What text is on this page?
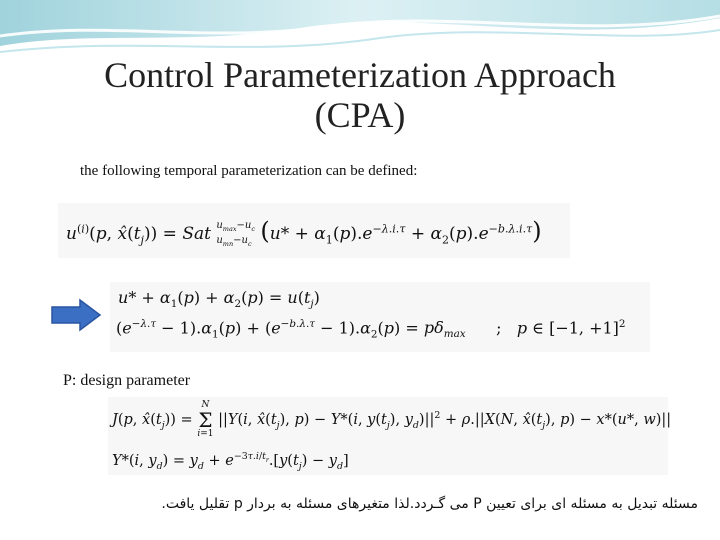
Control Parameterization Approach
(CPA)
the following temporal parameterization can be defined:
$u^{(i)}(p$, $x̂(t_j)$) = Sat $u_{max}-u_c$
$u_{mn}-u_c$ $(u* + \alpha_1(p).e^{-\lambda.i.\tau} + \alpha_2(p).e^{-b.\lambda.i.\tau})$
$u* + \alpha_1(p) + \alpha_2(p) = u(t_j)$
$(e^{-\lambda.\tau} - 1).\alpha_1(p) + (e^{-b.\lambda.\tau} - 1).\alpha_2(p) = p\delta_{max}$      ;   p ∈ [−1, +1]$^2$
P: design parameter
J(p, $x̂(t_j)) = N$
Σ
i=1 ||Y(i, $x̂(t_j)$, p) − Y*(i, $y(t_j)$, $y_d)||^2 + \rho.||X(N$, $x̂(t_j)$, p) − x*(u*, w)||
Y*(i, $y_d) = y_d + e^{-3\tau.i/t_r}.[y(t_j) - y_d]$
مسئله تبدیل به مسئله ای برای تعیین P می گـردد.لذا متغیرهای مسئله به بردار p تقلیل یافت.
